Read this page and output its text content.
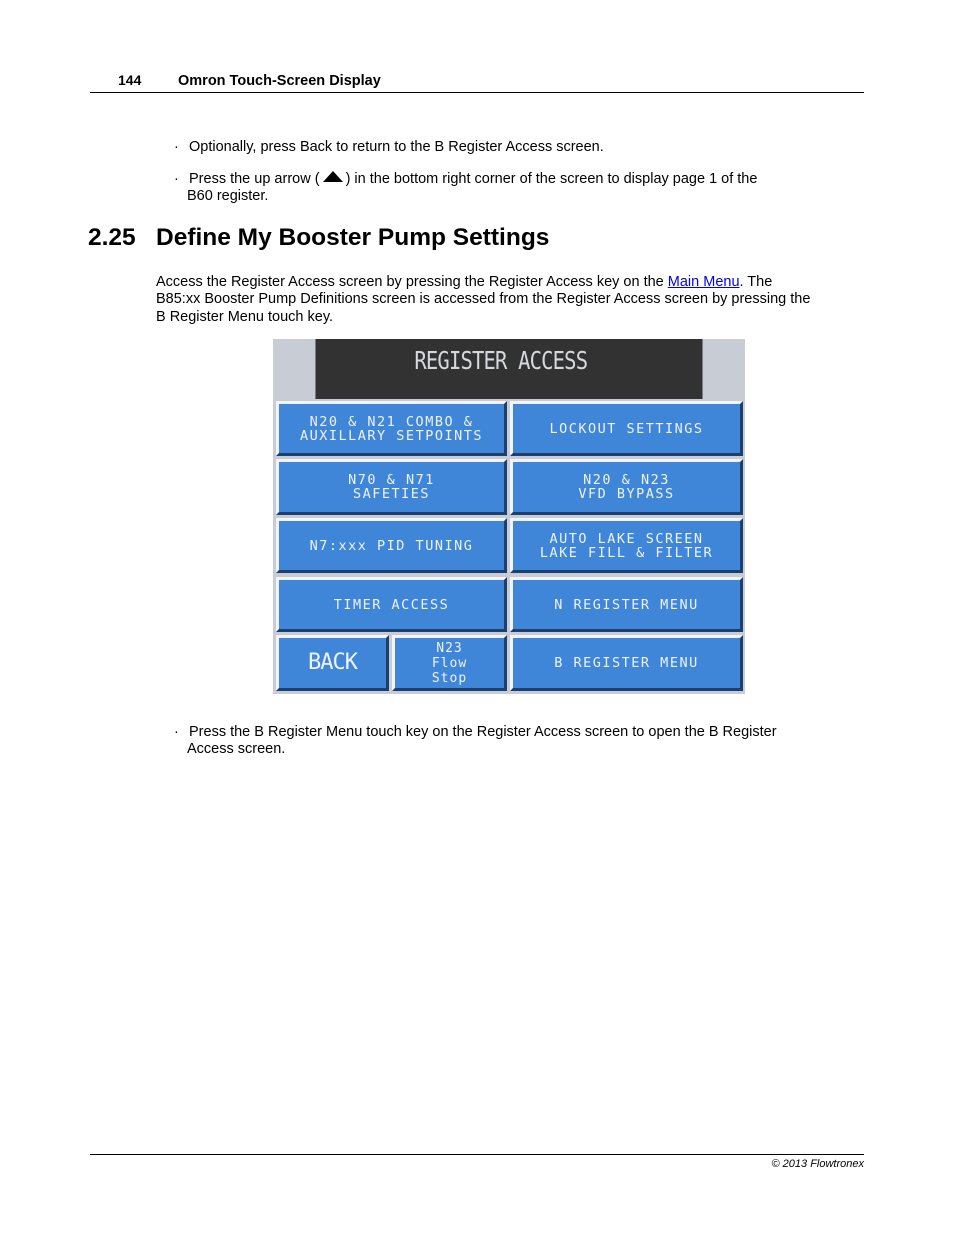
144	Omron Touch-Screen Display
· Optionally, press Back to return to the B Register Access screen.
· Press the up arrow ( ) in the bottom right corner of the screen to display page 1 of the
B60 register.
2.25 Define My Booster Pump Settings
Access the Register Access screen by pressing the Register Access key on the Main Menu. The
B85:xx Booster Pump Definitions screen is accessed from the Register Access screen by pressing the
B Register Menu touch key.
REGISTER ACCESS
N20 & N21 COMBO &
AUXILLARY SETPOINTS	LOCKOUT SETTINGS
N70 & N71
SAFETIES
N20 & N23
VFD BYPASS
N7:xxx PID TUNING	AUTO LAKE SCREEN
LAKE FILL & FILTER
TIMER ACCESS	N REGISTER MENU
BACK
N23
Flow
Stop
B REGISTER MENU
· Press the B Register Menu touch key on the Register Access screen to open the B Register
Access screen.
© 2013 Flowtronex
